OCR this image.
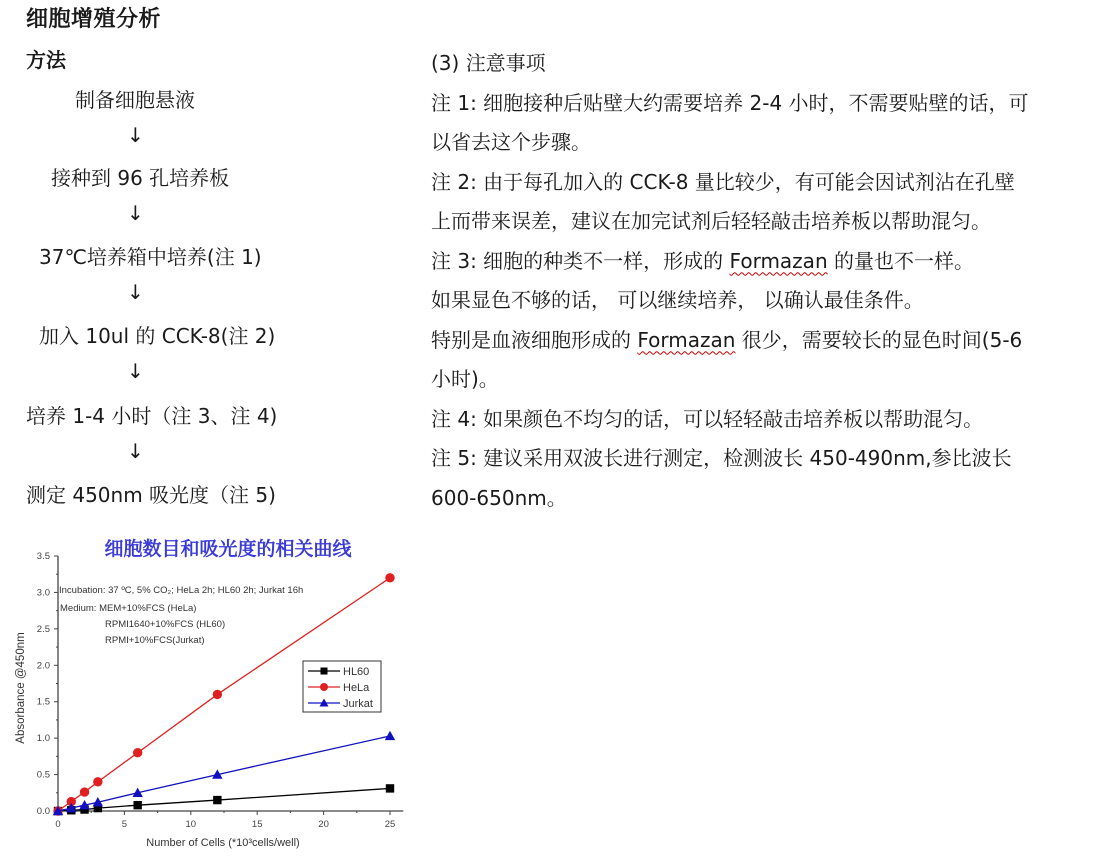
细胞增殖分析
方法
制备细胞悬液
↓
接种到 96 孔培养板
↓
37℃培养箱中培养(注 1)
↓
加入 10ul 的 CCK-8(注 2)
↓
培养 1-4 小时（注 3、注 4)
↓
测定 450nm 吸光度（注 5)
(3) 注意事项
注 1: 细胞接种后贴壁大约需要培养 2-4 小时，不需要贴壁的话，可
以省去这个步骤。
注 2: 由于每孔加入的 CCK-8 量比较少，有可能会因试剂沾在孔壁
上而带来误差，建议在加完试剂后轻轻敲击培养板以帮助混匀。
注 3: 细胞的种类不一样，形成的 Formazan 的量也不一样。
如果显色不够的话， 可以继续培养， 以确认最佳条件。
特别是血液细胞形成的 Formazan 很少，需要较长的显色时间(5-6
小时)。
注 4: 如果颜色不均匀的话，可以轻轻敲击培养板以帮助混匀。
注 5: 建议采用双波长进行测定，检测波长 450-490nm,参比波长
600-650nm。
细胞数目和吸光度的相关曲线
0.0
0.5
1.0
1.5
2.0
2.5
3.0
3.5
0	5	10	15	20	25
Incubation: 37 ºC, 5% CO₂; HeLa 2h; HL60 2h; Jurkat 16h
Medium: MEM+10%FCS (HeLa)
RPMI1640+10%FCS (HL60)
RPMI+10%FCS(Jurkat)
HL60
HeLa
Jurkat
Number of Cells (*10³cells/well)
Absorbance @450nm
